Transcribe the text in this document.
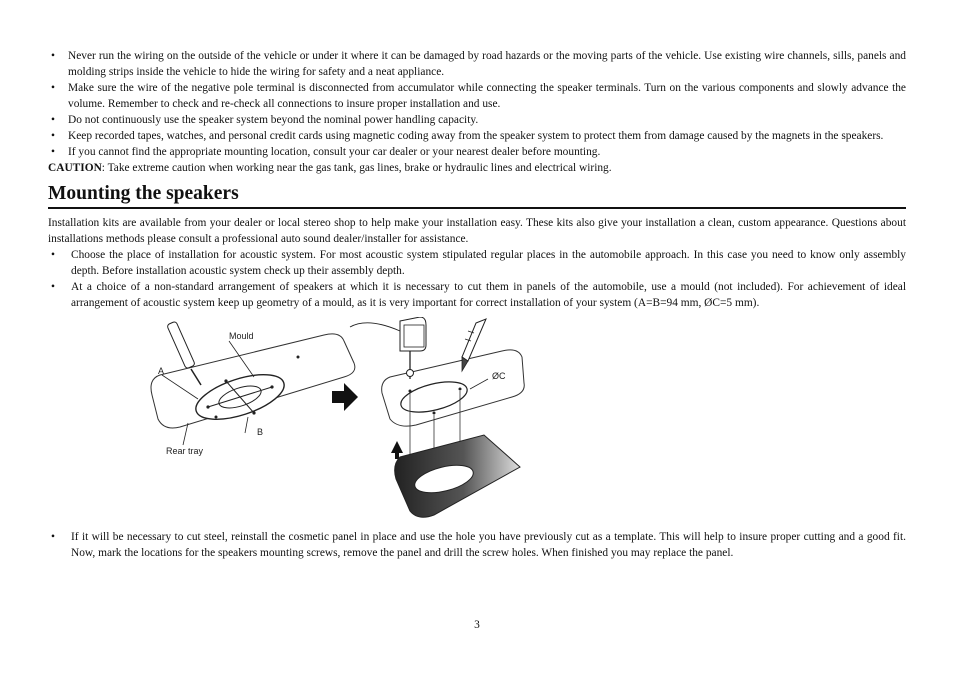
• Never run the wiring on the outside of the vehicle or under it where it can be damaged by road hazards or the moving parts of the vehicle. Use existing wire channels, sills, panels and molding strips inside the vehicle to hide the wiring for safety and a neat appliance.
• Make sure the wire of the negative pole terminal is disconnected from accumulator while connecting the speaker terminals. Turn on the various components and slowly advance the volume. Remember to check and re-check all connections to insure proper installation and use.
• Do not continuously use the speaker system beyond the nominal power handling capacity.
• Keep recorded tapes, watches, and personal credit cards using magnetic coding away from the speaker system to protect them from damage caused by the magnets in the speakers.
• If you cannot find the appropriate mounting location, consult your car dealer or your nearest dealer before mounting.

CAUTION: Take extreme caution when working near the gas tank, gas lines, brake or hydraulic lines and electrical wiring.

Mounting the speakers

Installation kits are available from your dealer or local stereo shop to help make your installation easy. These kits also give your installation a clean, custom appearance. Questions about installations methods please consult a professional auto sound dealer/installer for assistance.

• Choose the place of installation for acoustic system. For most acoustic system stipulated regular places in the automobile approach. In this case you need to know only assembly depth. Before installation acoustic system check up their assembly depth.
• At a choice of a non-standard arrangement of speakers at which it is necessary to cut them in panels of the automobile, use a mould (not included). For achievement of ideal arrangement of acoustic system keep up geometry of a mould, as it is very important for correct installation of your system (A=B=94 mm, ØC=5 mm).
Mould
A
B
Rear tray
ØC
• If it will be necessary to cut steel, reinstall the cosmetic panel in place and use the hole you have previously cut as a template. This will help to insure proper cutting and a good fit. Now, mark the locations for the speakers mounting screws, remove the panel and drill the screw holes. When finished you may replace the panel.
3
